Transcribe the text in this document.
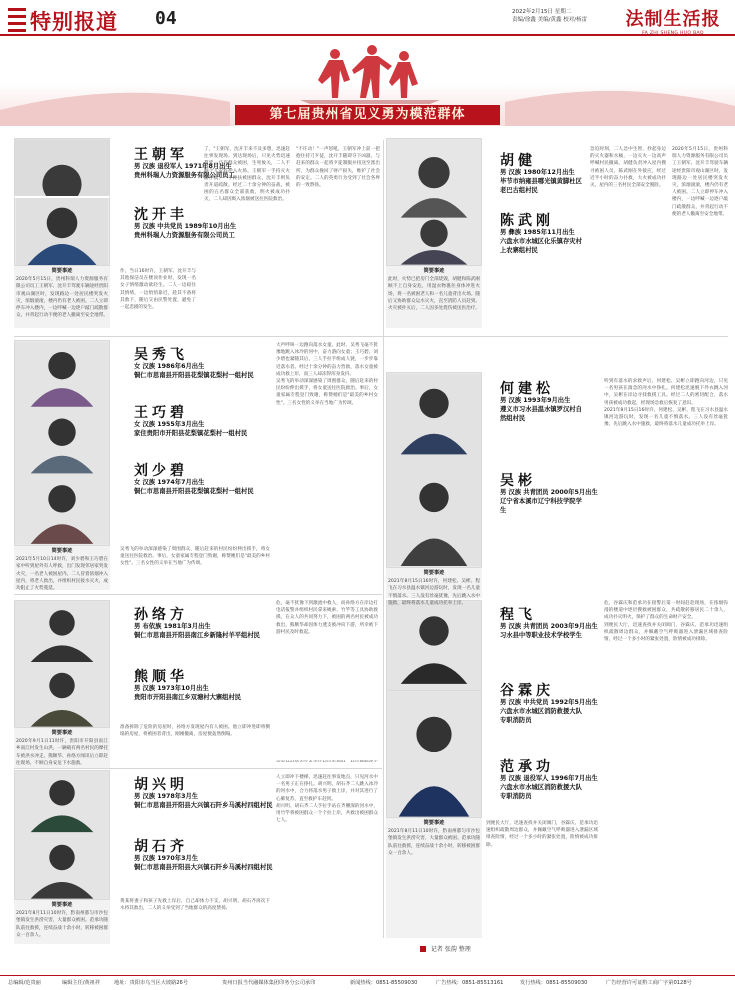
特别报道 04	2022年2月15日 星期二
责编/徐鑫 美编/黄鑫 校对/杨雷	法制生活报
第七届贵州省见义勇为模范群体
王朝军
男 汉族 退役军人 1971年8月出生
贵州科瑞人力资源服务有限公司员工
沈开丰
男 汉族 中共党员 1989年10月出生
贵州科瑞人力资源服务有限公司员工
胡健
男 汉族 1980年12月出生
毕节市纳雍县哪光镇黄脚杜区老巴古组村民
陈武刚
男 彝族 1985年11月出生
六盘水市水城区化乐镇存灾村上农寨组村民
吴秀飞
女 汉族 1986年6月出生
铜仁市思南县开阳县花梨镇花梨村一组村民
王巧碧
女 汉族 1955年3月出生
家住贵阳市开阳县花梨镇花梨村一组村民
刘少碧
女 汉族 1974年7月出生
铜仁市思南县开阳县花梨镇花梨村一组村民
何建松
男 汉族 1993年9月出生
遵义市习水县温水镇罗汉村自然组村民
吴彬
男 汉族 共青团员 2000年5月出生
辽宁省本溪市辽宁科技学院学生
孙络方
男 布依族 1981年3月出生
铜仁市思南县开阳县南江乡新隆村羊平组村民
熊顺华
男 汉族 1973年10月出生
贵阳市开阳县南江乡双塘村大寨组村民
程飞
男 汉族 共青团员 2003年9月出生
习水县中等职业技术学校学生
谷霖庆
男 汉族 中共党员 1992年5月出生
六盘水市水城区消防救援大队专职消防员
胡兴明
男 汉族 1978年3月生
铜仁市思南县开阳县大兴镇石阡乡马溪村四组村民
胡石齐
男 汉族 1970年3月生
铜仁市思南县开阳县大兴镇石阡乡马溪村四组村民
范承功
男 汉族 退役军人 1996年7月出生
六盘水市水城区消防救援大队专职消防员
简要事迹
2020年5月15日，贵州科瑞人力资源服务有限公司员工王朝军、沈开丰驾驶车辆途经贵阳市观山湖区时，发现路边一处居民楼突发火灾，浓烟滚滚，楼内仍有老人被困。二人立即停车冲入楼内，一边呼喊一边逐户敲门疏散群众，并背起行动不便的老人撤离至安全地带。
作，当日16时许，王朝军、沈开丰与其他保洁员在楼顶作业时，发现一名女子情绪激动欲轻生。二人一边稳住其情绪，一边悄悄靠近，趁其不备将其救下，随后交由民警处置，避免了一起悲剧的发生。
了，"王朝军，沈开丰来不及多想，迅速赶往事发现场。到达现场后，只见火势迅速蔓延，已有群众被困，生死攸关，二人不顾个人安危冲入火场。王朝军一手持灭火器扑救，一手搀扶被困群众，沈开丰则负责开道疏散。经过二十余分钟的奋战，被困的五名群众全部获救，明火被成功扑灭，二人却因吸入浓烟被送往医院救治。
"不许动！"一声怒吼，王朝军冲上前一把抱住持刀歹徒，沈开丰随即夺下凶器，与赶来的群众一起将歹徒制服并扭送至派出所，为群众挽回了财产损失，维护了社会的安定。二人的英勇行为受到了社会各界的一致赞扬。
简要事迹
此时，火势已把房门全部烧毁，胡健和陈武刚顾不上自身安危，用湿衣物裹住身体冲进火场，将一名被困老人和一名儿童背出火场。随后又协助群众运水灭火，直至消防人员赶到。火灾被扑灭后，二人因多处烧伤被送医治疗。
急迫时刻，二人急中生智，抄起身边的灭火器和水桶，一边灭火一边高声呼喊村民撤离。胡健负责冲入屋内搜寻被困人员，陈武刚在外接应，经过近半小时的奋力扑救，大火被成功扑灭，屋内的三名村民全部安全脱险。
2020年5月15日，贵州科瑞人力资源服务有限公司员工王朝军、沈开丰驾驶车辆途经贵阳市观山湖区时，发现路边一处居民楼突发火灾，浓烟滚滚，楼内仍有老人被困。二人立即停车冲入楼内，一边呼喊一边逐户敲门疏散群众，并背起行动不便的老人撤离至安全地带。
大声呼叫一边跑向落水女童。此时，吴秀飞毫不犹豫地跳入冰冷的河中，奋力游向女童；王巧碧、刘少碧也紧随其后，三人手拉手组成人链，一步步靠近落水者。经过十余分钟的奋力营救，落水女童被成功救上岸，而三人却冻得浑身发抖。
吴秀飞的举动深深感染了周围群众，随后赶来的村民纷纷伸出援手，将女童送往医院救治。事后，女童家属专程登门致谢，称赞她们是"最美的乡村女性"。三名女性的义举在当地广为传颂。
简要事迹
2021年5月10日14时许，刘少碧和王巧碧在家中听到屋外有人呼救，出门发现邻居家突发火灾，一名老人被困屋内。二人冒着浓烟冲入屋内，将老人救出，并组织村民接水灭火，成功阻止了火势蔓延。
吴秀飞的举动深深感染了周围群众，随后赶来的村民纷纷伸出援手，将女童送往医院救治。事后，女童家属专程登门致谢，称赞她们是"最美的乡村女性"。三名女性的义举在当地广为传颂。
听到有落水的求救声后，何建松、吴彬立即跑向河边，只见一名男孩在湍急的河水中挣扎。何建松迅速脱下外衣跳入河中，吴彬在岸边寻找救援工具。经过二人的密切配合，落水男孩被成功救起，经现场急救后恢复了意识。
2021年8月15日16时许，何建松、吴彬、程飞在习水县温水镇河边游玩时，发现一名儿童不慎落水。三人没有丝毫犹豫，先后跳入水中施救，最终将落水儿童成功托举上岸。
简要事迹
2021年8月15日16时许，何建松、吴彬、程飞在习水县温水镇河边游玩时，发现一名儿童不慎落水。三人没有丝毫犹豫，先后跳入水中施救，最终将落水儿童成功托举上岸。
危，毫不犹豫下到激流中救人，而孙络方在岸边打电话报警并组织村民拿来绳索、竹竿等工具协助救援。在众人的共同努力下，被困的两名村民被成功救出，熊顺华却因体力透支被冲向下游，所幸被下游村民及时救起。
简要事迹
2020年9月1日11时许，贵阳市开阳县南江乡南江村发生山洪，一辆载有两名村民的摩托车被洪水冲走。熊顺华、孙络方闻讯后立即赶往现场，不顾自身安危下水施救。
准备拆除了危险的房屋时，孙络方发现屋内有人被困。他立即冲进即将倒塌的房屋，将被困者背出，刚刚撤离，房屋便轰然倒塌。
危，谷霖庆和范承功在接警后第一时间赶赴现场，在浓烟弥漫的楼道中逐层搜救被困群众，共疏散转移居民二十余人，成功扑灭明火，保护了群众的生命财产安全。
到便民大厅，迅速查找并关闭阀门，谷霖庆、范承功迅速组织疏散周边群众，并佩戴空气呼吸器进入泄漏区域排查险情，经过一个多小时的紧张处置，险情被成功排除。
简要事迹
2021年8月11日10时许，黔南州都匀市沙包堡镇发生洪涝灾害，大量群众被困。范承功随队前往救援，连续奋战十余小时，转移被困群众一百余人。
到便民大厅，迅速查找并关闭阀门，谷霖庆、范承功迅速组织疏散周边群众，并佩戴空气呼吸器进入泄漏区域排查险情，经过一个多小时的紧张处置，险情被成功排除。
人立即冲下楼梯，迅速赶往事发地点，只见河水中一名男子正在挣扎。胡兴明、胡石齐二人跳入冰冷的河水中，合力将落水男子救上岸，并对其进行了心肺复苏，直至救护车赶到。
胡兴明、胡石齐二人手拉手站在齐腰深的河水中，用竹竿将被困群众一个个拉上岸，共救出被困群众七人。
简要事迹
2021年8月11日10时许，黔南州都匀市沙包堡镇发生洪涝灾害，大量群众被困。范承功随队前往救援，连续奋战十余小时，转移被困群众一百余人。
黄某将妻子和孩子先救上岸后，自己却体力不支，胡兴明、胡石齐再次下水将其救出，二人的义举受到了当地群众的高度赞扬。
记者 张韵 整理
总编辑/范贵丽	编辑主任/黄祖祥	地址：贵阳市乌当区大坡路26号	贵州日报当代融媒体集团印务分公司承印	新闻热线：0851-85509030	广告热线：0851-85513161	发行热线：0851-85509030	广告经营许可证黔工商广字第0128号
